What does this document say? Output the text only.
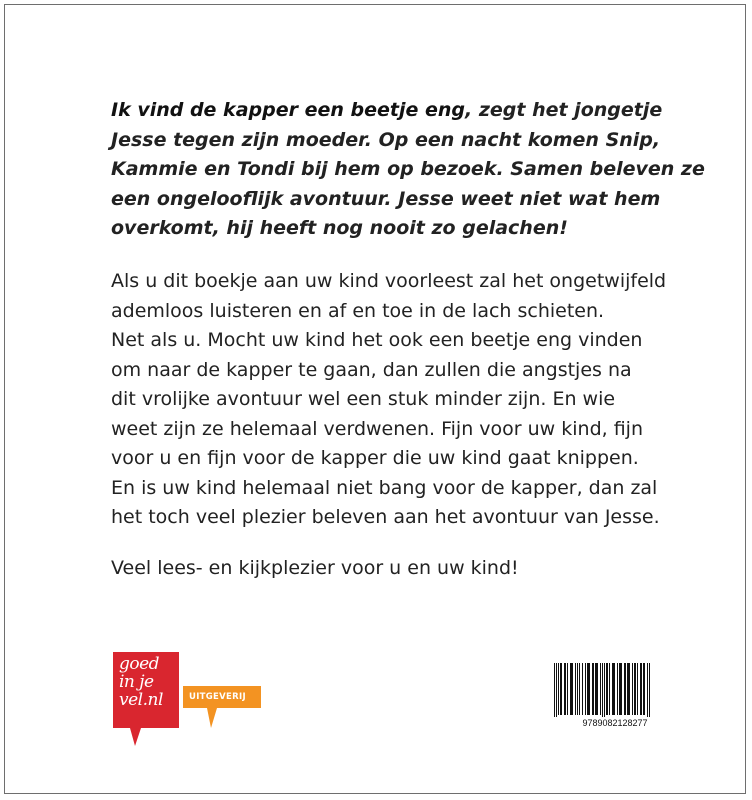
Ik vind de kapper een beetje eng, zegt het jongetje
Jesse tegen zijn moeder. Op een nacht komen Snip,
Kammie en Tondi bij hem op bezoek. Samen beleven ze
een ongelooflijk avontuur. Jesse weet niet wat hem
overkomt, hij heeft nog nooit zo gelachen!

Als u dit boekje aan uw kind voorleest zal het ongetwijfeld
ademloos luisteren en af en toe in de lach schieten.
Net als u. Mocht uw kind het ook een beetje eng vinden
om naar de kapper te gaan, dan zullen die angstjes na
dit vrolijke avontuur wel een stuk minder zijn. En wie
weet zijn ze helemaal verdwenen. Fijn voor uw kind, fijn
voor u en fijn voor de kapper die uw kind gaat knippen.
En is uw kind helemaal niet bang voor de kapper, dan zal
het toch veel plezier beleven aan het avontuur van Jesse.

Veel lees- en kijkplezier voor u en uw kind!

goed
in je
vel.nl	UITGEVERIJ
9789082128277
